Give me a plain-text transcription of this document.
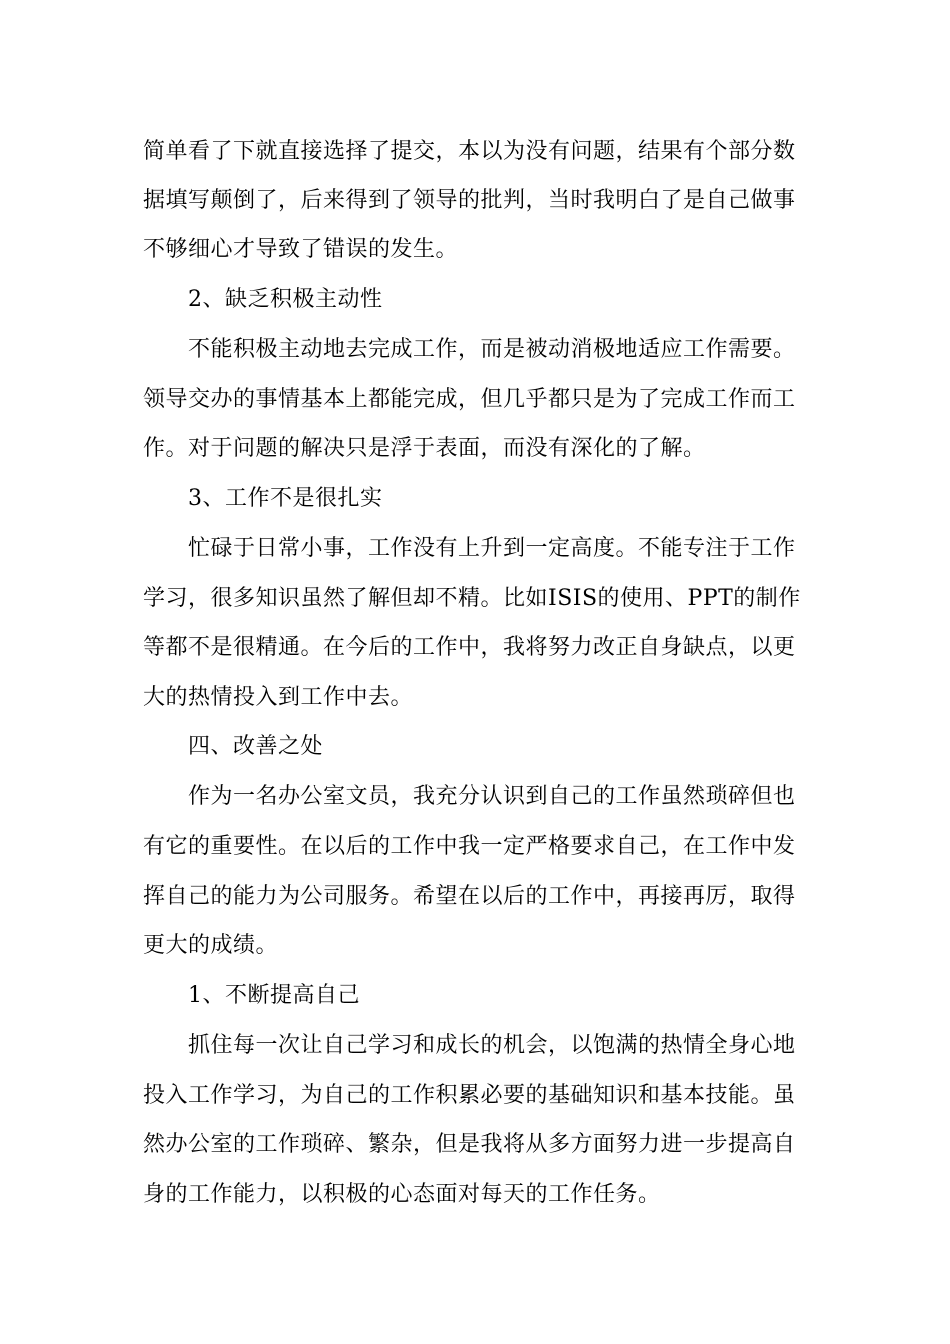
简单看了下就直接选择了提交，本以为没有问题，结果有个部分数
据填写颠倒了，后来得到了领导的批判，当时我明白了是自己做事
不够细心才导致了错误的发生。
2、缺乏积极主动性
不能积极主动地去完成工作，而是被动消极地适应工作需要。
领导交办的事情基本上都能完成，但几乎都只是为了完成工作而工
作。对于问题的解决只是浮于表面，而没有深化的了解。
3、工作不是很扎实
忙碌于日常小事，工作没有上升到一定高度。不能专注于工作
学习，很多知识虽然了解但却不精。比如ISIS的使用、PPT的制作
等都不是很精通。在今后的工作中，我将努力改正自身缺点，以更
大的热情投入到工作中去。
四、改善之处
作为一名办公室文员，我充分认识到自己的工作虽然琐碎但也
有它的重要性。在以后的工作中我一定严格要求自己，在工作中发
挥自己的能力为公司服务。希望在以后的工作中，再接再厉，取得
更大的成绩。
1、不断提高自己
抓住每一次让自己学习和成长的机会，以饱满的热情全身心地
投入工作学习，为自己的工作积累必要的基础知识和基本技能。虽
然办公室的工作琐碎、繁杂，但是我将从多方面努力进一步提高自
身的工作能力，以积极的心态面对每天的工作任务。
